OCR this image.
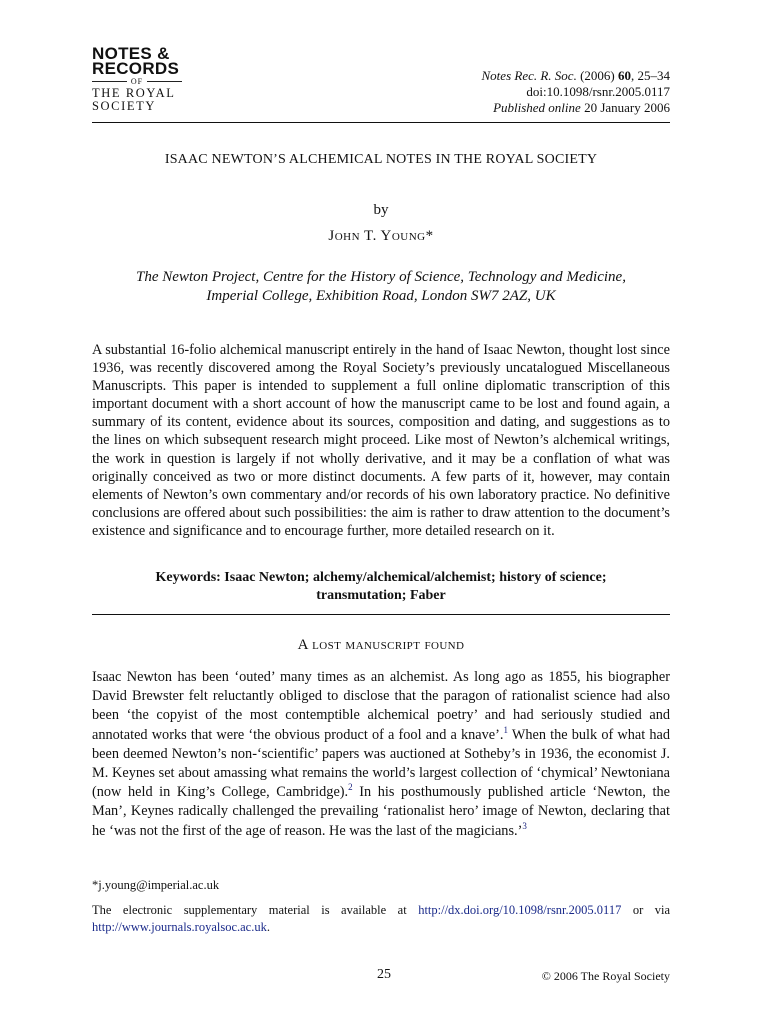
NOTES &
RECORDS
OF
THE ROYAL
SOCIETY
Notes Rec. R. Soc. (2006) 60, 25–34
doi:10.1098/rsnr.2005.0117
Published online 20 January 2006
ISAAC NEWTON’S ALCHEMICAL NOTES IN THE ROYAL SOCIETY
by
John T. Young*
The Newton Project, Centre for the History of Science, Technology and Medicine,
Imperial College, Exhibition Road, London SW7 2AZ, UK

A substantial 16-folio alchemical manuscript entirely in the hand of Isaac Newton, thought lost since 1936, was recently discovered among the Royal Society’s previously uncatalogued Miscellaneous Manuscripts. This paper is intended to supplement a full online diplomatic transcription of this important document with a short account of how the manuscript came to be lost and found again, a summary of its content, evidence about its sources, composition and dating, and suggestions as to the lines on which subsequent research might proceed. Like most of Newton’s alchemical writings, the work in question is largely if not wholly derivative, and it may be a conflation of what was originally conceived as two or more distinct documents. A few parts of it, however, may contain elements of Newton’s own commentary and/or records of his own laboratory practice. No definitive conclusions are offered about such possibilities: the aim is rather to draw attention to the document’s existence and significance and to encourage further, more detailed research on it.

Keywords: Isaac Newton; alchemy/alchemical/alchemist; history of science;
transmutation; Faber
A lost manuscript found

Isaac Newton has been ‘outed’ many times as an alchemist. As long ago as 1855, his biographer David Brewster felt reluctantly obliged to disclose that the paragon of rationalist science had also been ‘the copyist of the most contemptible alchemical poetry’ and had seriously studied and annotated works that were ‘the obvious product of a fool and a knave’.$^1$ When the bulk of what had been deemed Newton’s non-‘scientific’ papers was auctioned at Sotheby’s in 1936, the economist J. M. Keynes set about amassing what remains the world’s largest collection of ‘chymical’ Newtoniana (now held in King’s College, Cambridge).$^2$ In his posthumously published article ‘Newton, the Man’, Keynes radically challenged the prevailing ‘rationalist hero’ image of Newton, declaring that he ‘was not the first of the age of reason. He was the last of the magicians.’$^3$

*j.young@imperial.ac.uk
The electronic supplementary material is available at http://dx.doi.org/10.1098/rsnr.2005.0117 or via http://www.journals.royalsoc.ac.uk.
25	© 2006 The Royal Society
